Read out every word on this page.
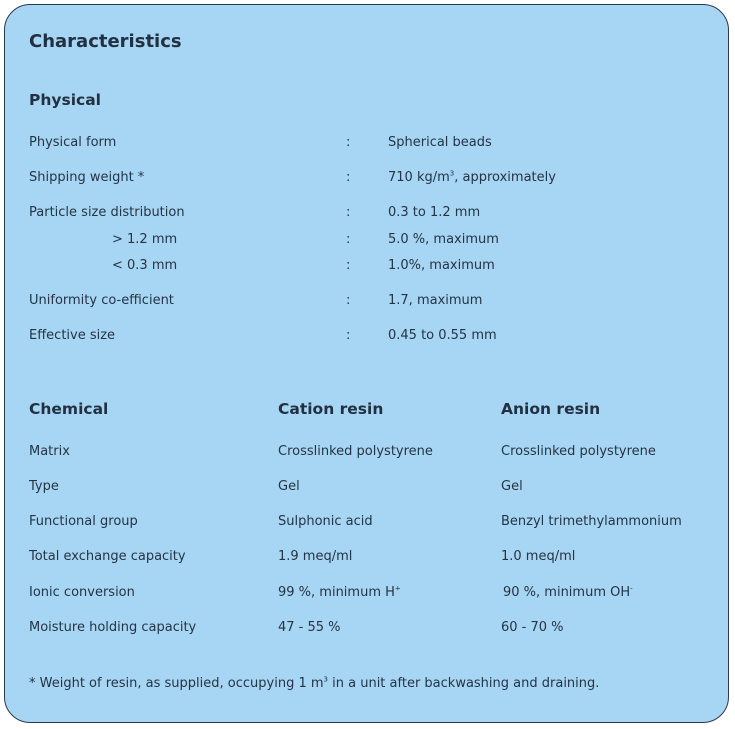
Characteristics
Physical
Physical form	:	Spherical beads
Shipping weight *	:	710 $kg/m^3$, approximately
Particle size distribution	:	0.3 to 1.2 mm
> 1.2 mm	:	5.0 %, maximum
< 0.3 mm	:	1.0%, maximum
Uniformity co-efficient	:	1.7, maximum
Effective size	:	0.45 to 0.55 mm
Chemical	Cation resin	Anion resin
Matrix	Crosslinked polystyrene	Crosslinked polystyrene
Type	Gel	Gel
Functional group	Sulphonic acid	Benzyl trimethylammonium
Total exchange capacity	1.9 meq/ml	1.0 meq/ml
Ionic conversion	99 %, minimum H+	90 %, minimum OH-
Moisture holding capacity	47 - 55 %	60 - 70 %
* Weight of resin, as supplied, occupying 1 $m^3$ in a unit after backwashing and draining.
